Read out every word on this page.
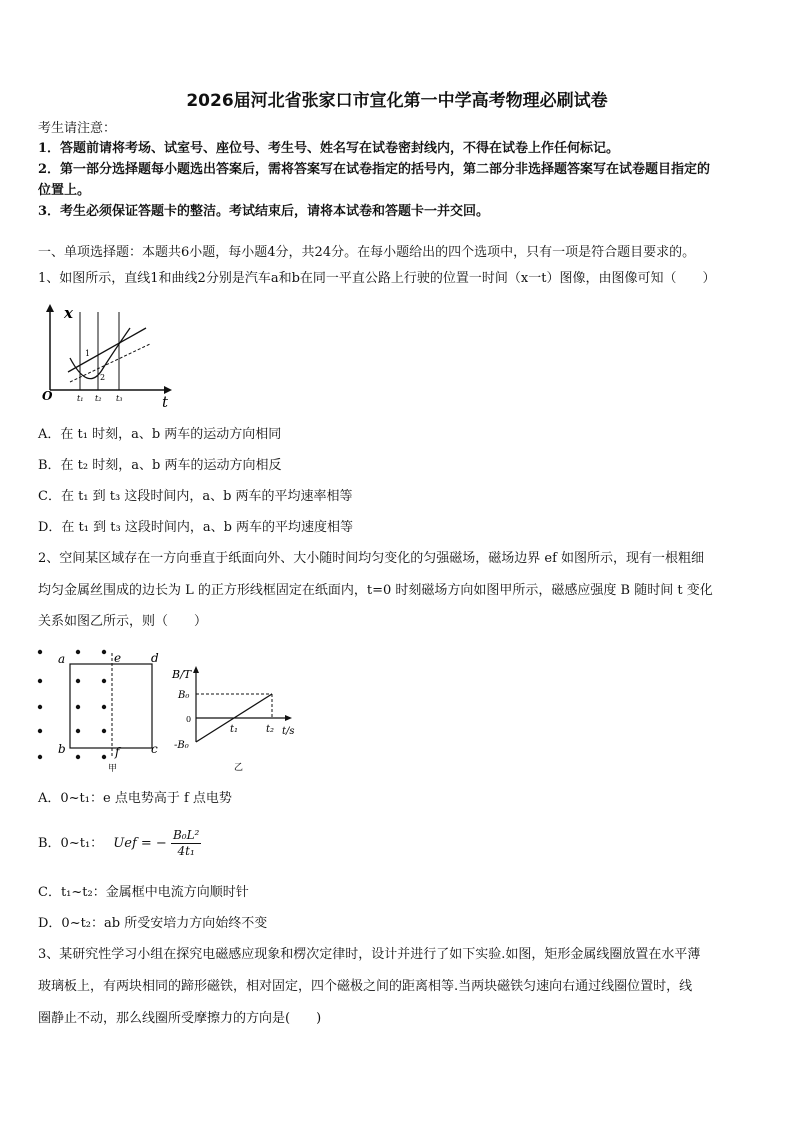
2026届河北省张家口市宣化第一中学高考物理必刷试卷
考生请注意：
1．答题前请将考场、试室号、座位号、考生号、姓名写在试卷密封线内，不得在试卷上作任何标记。
2．第一部分选择题每小题选出答案后，需将答案写在试卷指定的括号内，第二部分非选择题答案写在试卷题目指定的
位置上。
3．考生必须保证答题卡的整洁。考试结束后，请将本试卷和答题卡一并交回。
一、单项选择题：本题共6小题，每小题4分，共24分。在每小题给出的四个选项中，只有一项是符合题目要求的。
1、如图所示，直线1和曲线2分别是汽车a和b在同一平直公路上行驶的位置一时间（x一t）图像，由图像可知（　　）
x
t
O
1
2
t₁ t₂ t₃
A．在 t₁ 时刻，a、b 两车的运动方向相同
B．在 t₂ 时刻，a、b 两车的运动方向相反
C．在 t₁ 到 t₃ 这段时间内，a、b 两车的平均速率相等
D．在 t₁ 到 t₃ 这段时间内，a、b 两车的平均速度相等
2、空间某区域存在一方向垂直于纸面向外、大小随时间均匀变化的匀强磁场，磁场边界 ef 如图所示，现有一根粗细
均匀金属丝围成的边长为 L 的正方形线框固定在纸面内，t=0 时刻磁场方向如图甲所示，磁感应强度 B 随时间 t 变化
关系如图乙所示，则（　　）
a	d
b	c
e
f
甲
B/T
t/s
B₀
0
-B₀
t₁	t₂
乙
A．0~t₁：e 点电势高于 f 点电势
B．0~t₁： Uef = − $\frac{\text{B₀L²}}{\text{4t₁}}$
C．t₁~t₂：金属框中电流方向顺时针
D．0~t₂：ab 所受安培力方向始终不变
3、某研究性学习小组在探究电磁感应现象和楞次定律时，设计并进行了如下实验.如图，矩形金属线圈放置在水平薄
玻璃板上，有两块相同的蹄形磁铁，相对固定，四个磁极之间的距离相等.当两块磁铁匀速向右通过线圈位置时，线
圈静止不动，那么线圈所受摩擦力的方向是(　　)
